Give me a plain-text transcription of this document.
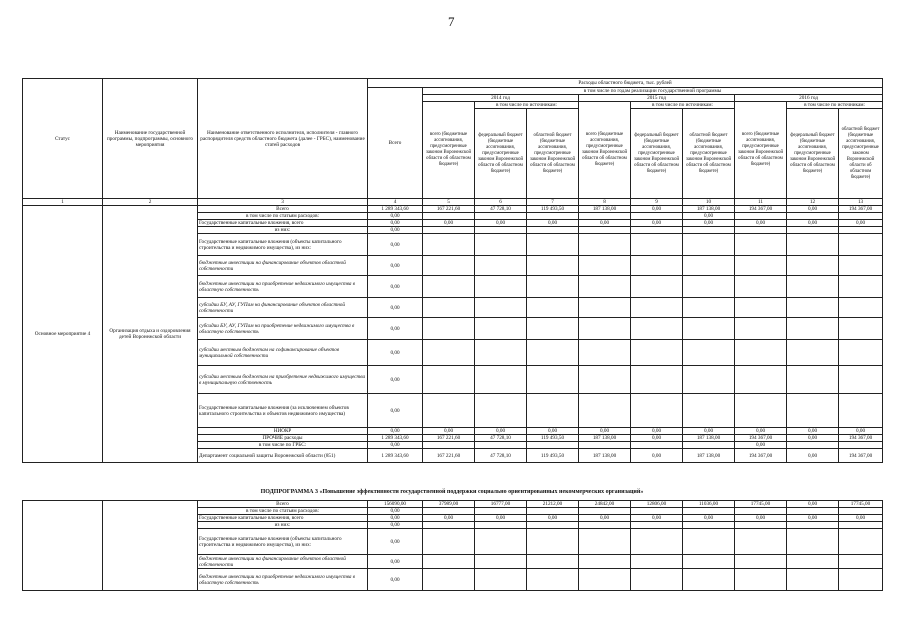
7
Статус	Наименование государственной программы, подпрограммы, основного мероприятия	Наименование ответственного исполнителя, исполнителя - главного распорядителя средств областного бюджета (далее - ГРБС), наименование статей расходов	Расходы областного бюджета, тыс. рублей									
			Всего	в том числе по годам реализации государственной программы								
				2014 год			2015 год			2016 год		
				всего (бюджетные ассигнования, предусмотренные законом Воронежской области об областном бюджете)	в том числе по источникам:		всего (бюджетные ассигнования, предусмотренные законом Воронежской области об областном бюджете)	в том числе по источникам:		всего (бюджетные ассигнования, предусмотренные законом Воронежской области об областном бюджете)	в том числе по источникам:	
					федеральный бюджет (бюджетные ассигнования, предусмотренные законом Воронежской области об областном бюджете)	областной бюджет (бюджетные ассигнования, предусмотренные законом Воронежской области об областном бюджете)		федеральный бюджет (бюджетные ассигнования, предусмотренные законом Воронежской области об областном бюджете)	областной бюджет (бюджетные ассигнования, предусмотренные законом Воронежской области об областном бюджете)		федеральный бюджет (бюджетные ассигнования, предусмотренные законом Воронежской области об областном бюджете)	областной бюджет (бюджетные ассигнования, предусмотренные законом Воронежской области об областном бюджете)
1	2	3	4	5	6	7	8	9	10	11	12	13
Основное мероприятие 4	Организация отдыха и оздоровления детей Воронежской области	Всего	1 289 343,60	167 221,60	47 728,10	119 493,50	187 138,00	0,00	187 138,00	194 367,00	0,00	194 367,00
		в том числе по статьям расходов:	0,00						0,00			
		Государственные капитальные вложения, всего	0,00	0,00	0,00	0,00	0,00	0,00	0,00	0,00	0,00	0,00
		из них:	0,00									
		Государственные капитальные вложения (объекты капитального строительства и недвижимого имущества), из них:	0,00									
		бюджетные инвестиции на финансирование объектов областной собственности	0,00									
		бюджетные инвестиции на приобретение недвижимого имущества в областную собственность	0,00									
		субсидии БУ, АУ, ГУПам на финансирование объектов областной собственности	0,00									
		субсидии БУ, АУ, ГУПам на приобретение недвижимого имущества в областную собственность	0,00									
		субсидии местным бюджетам на софинансирование объектов муниципальной собственности	0,00									
		субсидии местным бюджетам на приобретение недвижимого имущества в муниципальную собственность	0,00									
		Государственные капитальные вложения (за исключением объектов капитального строительства и объектов недвижимого имущества)	0,00									
		НИОКР	0,00	0,00	0,00	0,00	0,00	0,00	0,00	0,00	0,00	0,00
		ПРОЧИЕ расходы	1 289 343,60	167 221,60	47 728,10	119 493,50	187 138,00	0,00	187 138,00	194 367,00	0,00	194 367,00
		в том числе по ГРБС:	0,00							0,00		
		Департамент социальной защиты Воронежской области (851)	1 289 343,60	167 221,60	47 728,10	119 493,50	187 138,00	0,00	187 138,00	194 367,00	0,00	194 367,00
ПОДПРОГРАММА 3 «Повышение эффективности государственной поддержки социально ориентированных некоммерческих организаций»
		Всего	156090,00	37989,00	16777,00	21212,00	24842,00	12806,00	11036,00	17745,00	0,00	17745,00
		в том числе по статьям расходов:	0,00									
		Государственные капитальные вложения, всего	0,00	0,00	0,00	0,00	0,00	0,00	0,00	0,00	0,00	0,00
		из них:	0,00									
		Государственные капитальные вложения (объекты капитального строительства и недвижимого имущества), из них:	0,00									
		бюджетные инвестиции на финансирование объектов областной собственности	0,00									
		бюджетные инвестиции на приобретение недвижимого имущества в областную собственность	0,00									
